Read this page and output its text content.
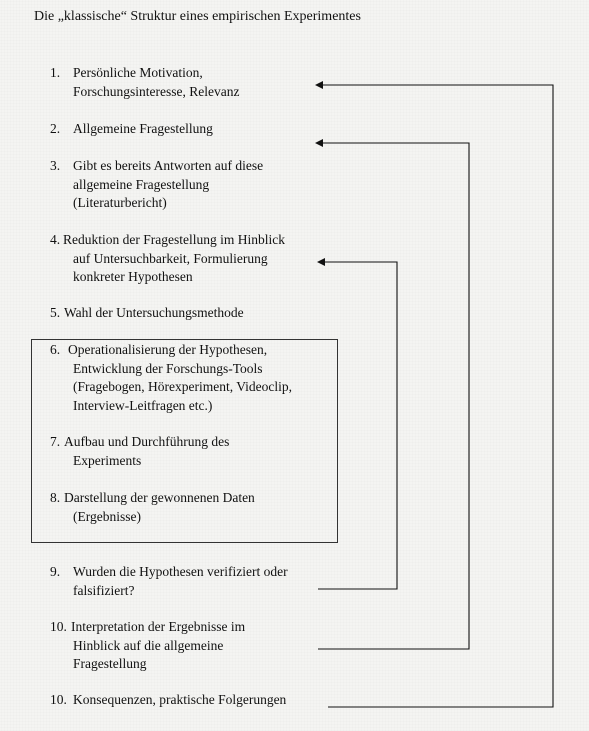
Die „klassische“ Struktur eines empirischen Experimentes
1. Persönliche Motivation,
Forschungsinteresse, Relevanz
2. Allgemeine Fragestellung
3. Gibt es bereits Antworten auf diese
allgemeine Fragestellung
(Literaturbericht)
4. Reduktion der Fragestellung im Hinblick
auf Untersuchbarkeit, Formulierung
konkreter Hypothesen
5. Wahl der Untersuchungsmethode
6. Operationalisierung der Hypothesen,
Entwicklung der Forschungs-Tools
(Fragebogen, Hörexperiment, Videoclip,
Interview-Leitfragen etc.)
7. Aufbau und Durchführung des
Experiments
8. Darstellung der gewonnenen Daten
(Ergebnisse)
9. Wurden die Hypothesen verifiziert oder
falsifiziert?
10. Interpretation der Ergebnisse im
Hinblick auf die allgemeine
Fragestellung
10. Konsequenzen, praktische Folgerungen
